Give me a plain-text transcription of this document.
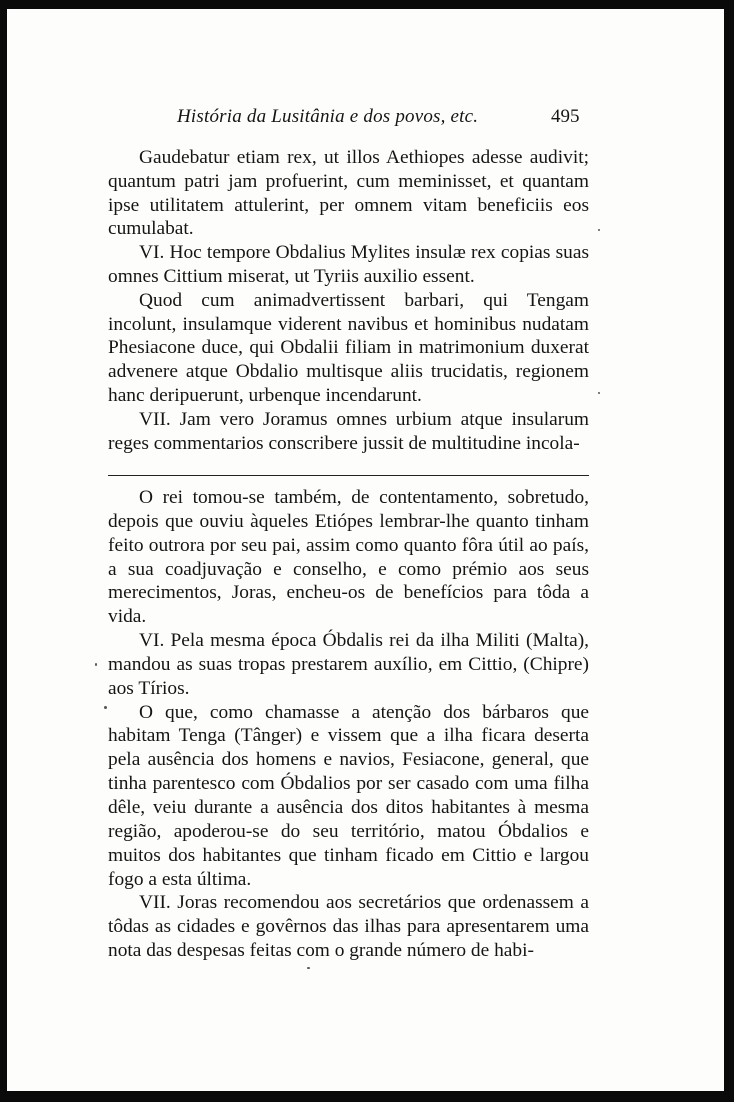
História da Lusitânia e dos povos, etc.	495

Gaudebatur etiam rex, ut illos Aethiopes adesse audivit; quantum patri jam profuerint, cum meminisset, et quantam ipse utilitatem attulerint, per omnem vitam beneficiis eos cumulabat.

VI. Hoc tempore Obdalius Mylites insulæ rex copias suas omnes Cittium miserat, ut Tyriis auxilio essent.

Quod cum animadvertissent barbari, qui Tengam incolunt, insulamque viderent navibus et hominibus nudatam Phesiacone duce, qui Obdalii filiam in matrimonium duxerat advenere atque Obdalio multisque aliis trucidatis, regionem hanc deripuerunt, urbenque incendarunt.

VII. Jam vero Joramus omnes urbium atque insularum reges commentarios conscribere jussit de multitudine incola-

O rei tomou-se também, de contentamento, sobretudo, depois que ouviu àqueles Etiópes lembrar-lhe quanto tinham feito outrora por seu pai, assim como quanto fôra útil ao país, a sua coadjuvação e conselho, e como prémio aos seus merecimentos, Joras, encheu-os de benefícios para tôda a vida.

VI. Pela mesma época Óbdalis rei da ilha Militi (Malta), mandou as suas tropas prestarem auxílio, em Cittio, (Chipre) aos Tírios.

O que, como chamasse a atenção dos bárbaros que habitam Tenga (Tânger) e vissem que a ilha ficara deserta pela ausência dos homens e navios, Fesiacone, general, que tinha parentesco com Óbdalios por ser casado com uma filha dêle, veiu durante a ausência dos ditos habitantes à mesma região, apoderou-se do seu território, matou Óbdalios e muitos dos habitantes que tinham ficado em Cittio e largou fogo a esta última.

VII. Joras recomendou aos secretários que ordenassem a tôdas as cidades e govêrnos das ilhas para apresentarem uma nota das despesas feitas com o grande número de habi-
